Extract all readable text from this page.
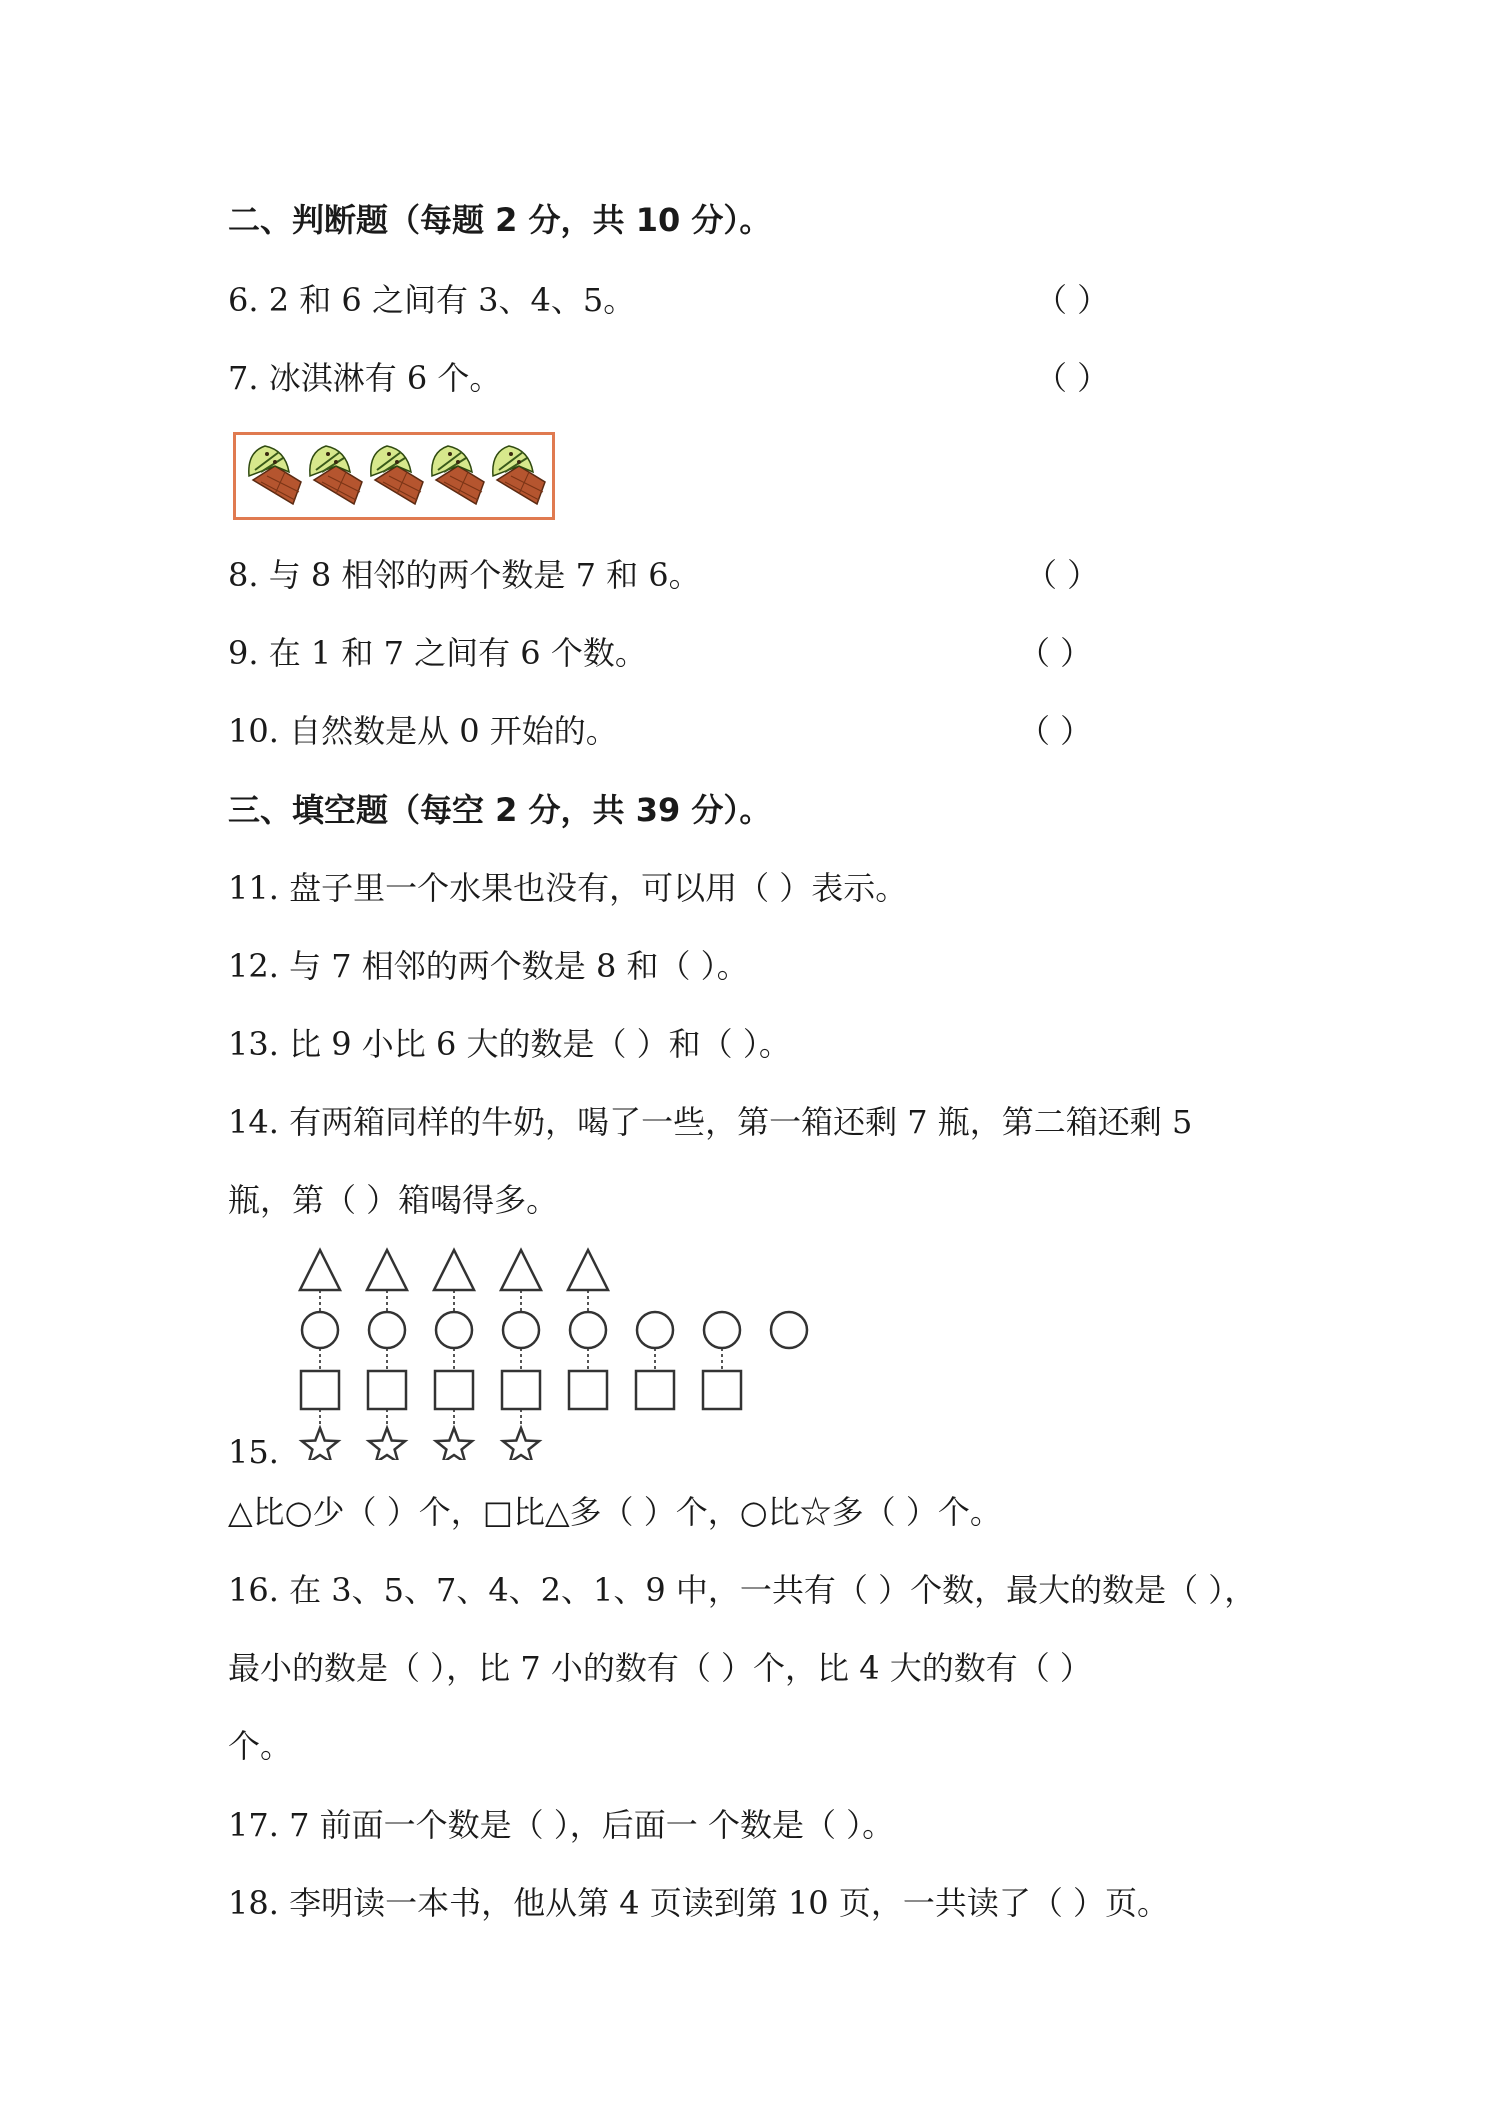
二、判断题（每题 2 分，共 10 分）。
6. 2 和 6 之间有 3、4、5。	（ ）
7. 冰淇淋有 6 个。	（ ）
8. 与 8 相邻的两个数是 7 和 6。	（ ）
9. 在 1 和 7 之间有 6 个数。	（ ）
10. 自然数是从 0 开始的。	（ ）
三、填空题（每空 2 分，共 39 分）。
11. 盘子里一个水果也没有，可以用（ ）表示。
12. 与 7 相邻的两个数是 8 和（ ）。
13. 比 9 小比 6 大的数是（ ）和（ ）。
14. 有两箱同样的牛奶，喝了一些，第一箱还剩 7 瓶，第二箱还剩 5
瓶，第（ ）箱喝得多。
15.
△比○少（ ）个，□比△多（ ）个，○比☆多（ ）个。
16. 在 3、5、7、4、2、1、9 中，一共有（ ）个数，最大的数是（ ），
最小的数是（ ），比 7 小的数有（ ）个，比 4 大的数有（ ）
个。
17. 7 前面一个数是（ ），后面一 个数是（ ）。
18. 李明读一本书，他从第 4 页读到第 10 页，一共读了（ ）页。
